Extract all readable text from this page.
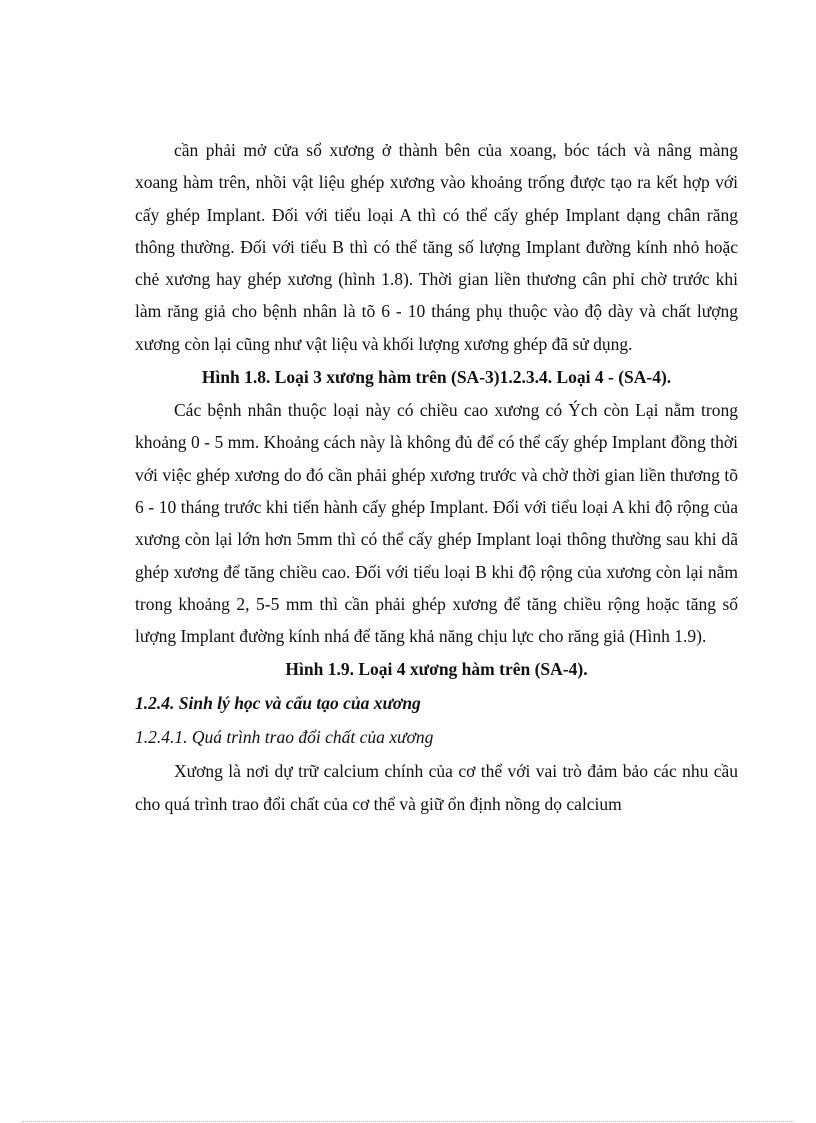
cần phải mở cửa sổ xương ở thành bên của xoang, bóc tách và nâng màng xoang hàm trên, nhồi vật liệu ghép xương vào khoảng trống được tạo ra kết hợp với cấy ghép Implant. Đối với tiểu loại A thì có thể cấy ghép Implant dạng chân răng thông thường. Đối với tiểu B thì có thể tăng số lượng Implant đường kính nhỏ hoặc chẻ xương hay ghép xương (hình 1.8). Thời gian liền thương cân phỉ chờ trước khi làm răng giả cho bệnh nhân là tõ 6 - 10 tháng phụ thuộc vào độ dày và chất lượng xương còn lại cũng như vật liệu và khối lượng xương ghép đã sử dụng.

Hình 1.8. Loại 3 xương hàm trên (SA-3)1.2.3.4. Loại 4 - (SA-4).

Các bệnh nhân thuộc loại này có chiều cao xương có Ých còn Lại nằm trong khoảng 0 - 5 mm. Khoảng cách này là không đủ để có thể cấy ghép Implant đồng thời với việc ghép xương do đó cần phải ghép xương trước và chờ thời gian liền thương tõ 6 - 10 tháng trước khi tiến hành cấy ghép Implant. Đối với tiểu loại A khi độ rộng của xương còn lại lớn hơn 5mm thì có thể cấy ghép Implant loại thông thường sau khi dã ghép xương để tăng chiều cao. Đối với tiểu loại B khi độ rộng của xương còn lại nằm trong khoảng 2, 5-5 mm thì cần phải ghép xương để tăng chiều rộng hoặc tăng số lượng Implant đường kính nhá để tăng khả năng chịu lực cho răng giả (Hình 1.9).

Hình 1.9. Loại 4 xương hàm trên (SA-4).

1.2.4. Sinh lý học và cấu tạo của xương

1.2.4.1. Quá trình trao đổi chất của xương

Xương là nơi dự trữ calcium chính của cơ thể với vai trò đảm bảo các nhu cầu cho quá trình trao đổi chất của cơ thể và giữ ổn định nồng dọ calcium
